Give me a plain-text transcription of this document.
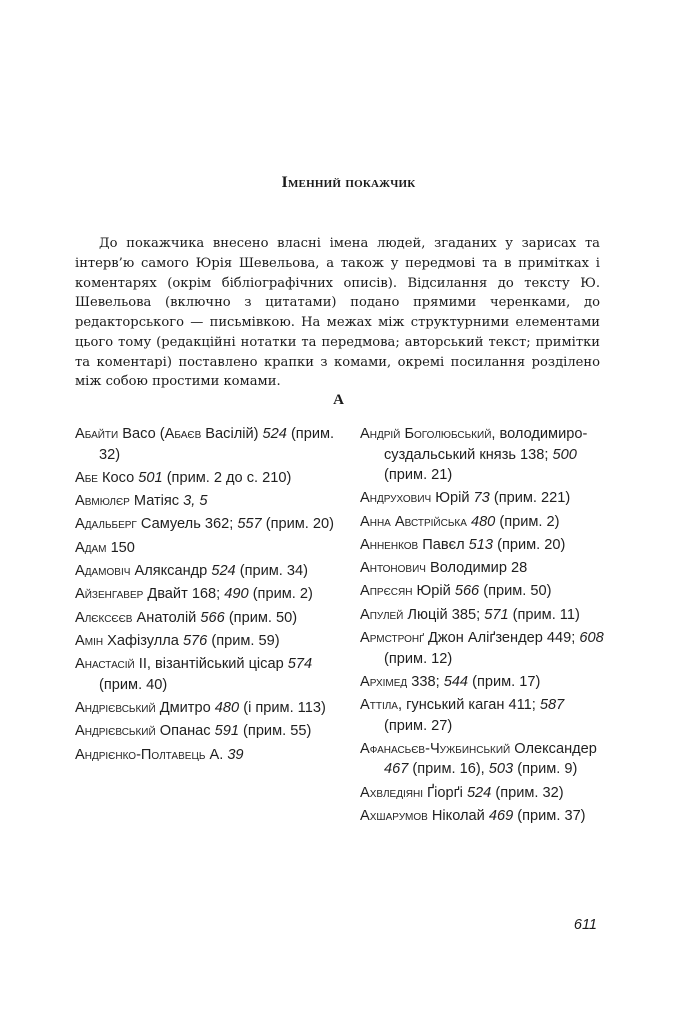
Іменний покажчик

До покажчика внесено власні імена людей, згаданих у зарисах та інтерв’ю самого Юрія Шевельова, а також у передмові та в примітках і коментарях (окрім бібліографічних описів). Відсилання до тексту Ю. Шевельова (включно з цитатами) подано прямими черенками, до редакторського — письмівкою. На межах між структурними елементами цього тому (редакційні нотатки та передмова; авторський текст; примітки та коментарі) поставлено крапки з комами, окремі посилання розділено між собою простими комами.

А
Абайти Васо (Абаєв Васілій) 524 (прим. 32)
Абе Косо 501 (прим. 2 до с. 210)
Авмюлєр Матіяс 3, 5
Адальберг Самуель 362; 557 (прим. 20)
Адам 150
Адамовіч Аляксандр 524 (прим. 34)
Айзенгавер Двайт 168; 490 (прим. 2)
Алєксєєв Анатолій 566 (прим. 50)
Амін Хафізулла 576 (прим. 59)
Анастасій II, візантійський цісар 574 (прим. 40)
Андрієвський Дмитро 480 (і прим. 113)
Андрієвський Опанас 591 (прим. 55)
Андрієнко-Полтавець А. 39
Андрій Боголюбський, володимиро-суздальський князь 138; 500 (прим. 21)
Андрухович Юрій 73 (прим. 221)
Анна Австрійська 480 (прим. 2)
Анненков Павєл 513 (прим. 20)
Антонович Володимир 28
Апрєсян Юрій 566 (прим. 50)
Апулей Люцій 385; 571 (прим. 11)
Армстронґ Джон Аліґзендер 449; 608 (прим. 12)
Архімед 338; 544 (прим. 17)
Аттіла, гунський каган 411; 587 (прим. 27)
Афанасьєв-Чужбинський Олександер 467 (прим. 16), 503 (прим. 9)
Ахвледіяні Ґіорґі 524 (прим. 32)
Ахшарумов Ніколай 469 (прим. 37)
611
